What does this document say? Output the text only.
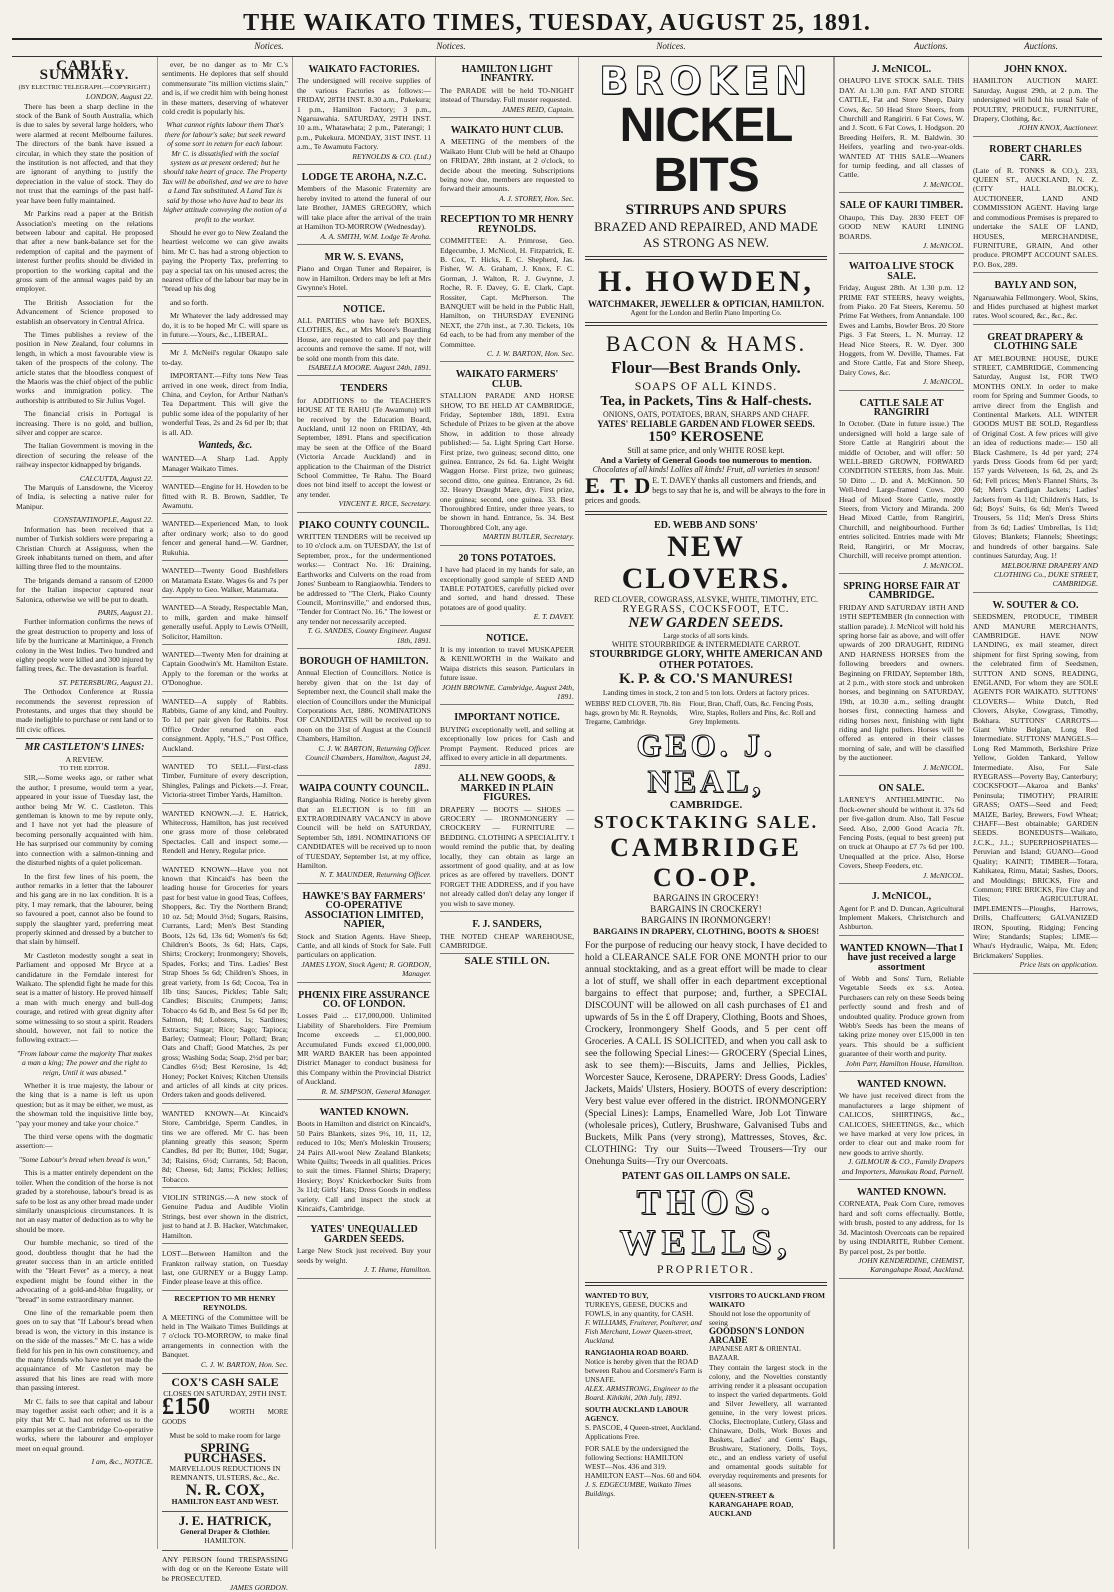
THE WAIKATO TIMES, TUESDAY, AUGUST 25, 1891.
Notices.	Notices.	Notices.	Auctions.	Auctions.
CABLE SUMMARY.
(BY ELECTRIC TELEGRAPH.—COPYRIGHT.)
LONDON, August 22.

There has been a sharp decline in the stock of the Bank of South Australia, which is due to sales by several large holders, who were alarmed at recent Melbourne failures. The directors of the bank have issued a circular, in which they state the position of the institution is not affected, and that they are ignorant of anything to justify the depreciation in the value of stock. They do not trust that the earnings of the past half-year have been fully maintained.

Mr Parkins read a paper at the British Association's meeting on the relations between labour and capital. He proposed that after a new bank-balance set for the redemption of capital and the payment of interest further profits should be divided in proportion to the working capital and the gross sum of the annual wages paid by an employer.

The British Association for the Advancement of Science proposed to establish an observatory in Central Africa.

The Times publishes a review of the position in New Zealand, four columns in length, in which a most favourable view is taken of the prospects of the colony. The article states that the bloodless conquest of the Maoris was the chief object of the public works and immigration policy. The authorship is attributed to Sir Julius Vogel.

The financial crisis in Portugal is increasing. There is no gold, and bullion, silver and copper are scarce.

The Italian Government is moving in the direction of securing the release of the railway inspector kidnapped by brigands.

CALCUTTA, August 22.

The Marquis of Lansdowne, the Viceroy of India, is selecting a native ruler for Manipur.

CONSTANTINOPLE, August 22.

Information has been received that a number of Turkish soldiers were preparing a Christian Church at Assiguuss, when the Greek inhabitants turned on them, and after killing three fled to the mountains.

The brigands demand a ransom of £2000 for the Italian inspector captured near Salonica, otherwise we will be put to death.

PARIS, August 21.

Further information confirms the news of the great destruction to property and loss of life by the hurricane at Martinique, a French colony in the West Indies. Two hundred and eighty people were killed and 300 injured by falling trees, &c. The devastation is fearful.

ST. PETERSBURG, August 21.

The Orthodox Conference at Russia recommends the severest repression of Protestants, and urges that they should be made ineligible to purchase or rent land or to fill civic offices.

MR CASTLETON'S LINES:
A REVIEW.
TO THE EDITOR.

SIR,—Some weeks ago, or rather what the author, I presume, would term a year, appeared in your issue of Tuesday last, the author being Mr W. C. Castleton. This gentleman is known to me by repute only, and I have not yet had the pleasure of becoming personally acquainted with him. He has surprised our community by coming into connection with a salmon-tinning and the disturbed nights of a quiet policeman.

In the first few lines of his poem, the author remarks in a letter that the labourer and his gang are in no lax condition. It is a pity, I may remark, that the labourer, being so favoured a poet, cannot also be found to supply the slaughter yard, preferring meat properly skinned and dressed by a butcher to that slain by himself.

Mr Castleton modestly sought a seat in Parliament and opposed Mr Bryce at a candidature in the Ferndale interest for Waikato. The splendid fight he made for this seat is a matter of history. He proved himself a man with much energy and bull-dog courage, and retired with great dignity after some witnessing to so stout a spirit. Readers should, however, not fail to notice the following extract:—

"From labour came the majority That makes a man a king; The power and the right to reign, Until it was abused."

Whether it is true majesty, the labour or the king that is a name is left us upon question; but as it may be either, we must, as the showman told the inquisitive little boy, "pay your money and take your choice."

The third verse opens with the dogmatic assertion:—

"Some Labour's bread when bread is won,"

This is a matter entirely dependent on the toiler. When the condition of the horse is not graded by a storehouse, labour's bread is as safe to be lost as any other bread made under similarly unauspicious circumstances. It is not an easy matter of deduction as to why he should be more.

Our humble mechanic, so tired of the good, doubtless thought that he had the greater success than in an article entitled with the "Heart Fever" as a mercy, a neat expedient might be found either in the advocating of a gold-and-blue frugality, or "bread" in some extraordinary manner.

One line of the remarkable poem then goes on to say that "If Labour's bread when bread is won, the victory in this instance is on the side of the masses." Mr C. has a wide field for his pen in his own constituency, and the many friends who have not yet made the acquaintance of Mr Castleton may be assured that his lines are read with more than passing interest.

Mr C. fails to see that capital and labour may together assist each other; and it is a pity that Mr C. had not referred us to the examples set at the Cambridge Co-operative works, where the labourer and employer meet on equal ground.

I am, &c., NOTICE.

ever, be no danger as to Mr C.'s sentiments. He deplores that self should commensurate "its million victims slain," and is, if we credit him with being honest in these matters, deserving of whatever cold credit is popularly his.

What cannot rights labour them That's there for labour's sake; but seek reward of some sort in return for each labour. Mr C. is dissatisfied with the social system as at present ordered; but he should take heart of grace. The Property Tax will be abolished, and we are to have a Land Tax substituted. A Land Tax is said by those who have had to bear its higher attitude conveying the notion of a profit to the worker.

Should he ever go to New Zealand the heartiest welcome we can give awaits him. Mr C. has had a strong objection to paying the Property Tax, preferring to pay a special tax on his unused acres; the nearest office of the labour bar may be in "bread up his dog

and so forth.

Mr Whatever the lady addressed may do, it is to be hoped Mr C. will spare us in future.—Yours, &c., LIBERAL.

Mr J. McNeil's regular Okaupo sale to-day.

IMPORTANT.—Fifty tons New Teas arrived in one week, direct from India, China, and Ceylon, for Arthur Nathan's Tea Department. This will give the public some idea of the popularity of her wonderful Teas, 2s and 2s 6d per lb; that is all. AD.

Wanteds, &c.
WANTED—A Sharp Lad. Apply Manager Waikato Times.
WANTED—Engine for H. Howden to be fitted with R. B. Brown, Saddler, Te Awamutu.
WANTED—Experienced Man, to look after ordinary work; also to do good fencer and general hand.—W. Gardner, Rukuhia.
WANTED—Twenty Good Bushfellers on Matamata Estate. Wages 6s and 7s per day. Apply to Geo. Walker, Matamata.
WANTED—A Steady, Respectable Man, to milk, garden and make himself generally useful. Apply to Lewis O'Neill, Solicitor, Hamilton.
WANTED—Twenty Men for draining at Captain Goodwin's Mt. Hamilton Estate. Apply to the foreman or the works at O'Donoghue.
WANTED—A supply of Rabbits. Rabbits, Game of any kind, and Poultry. To 1d per pair given for Rabbits. Post Office Order returned on each consignment. Apply, "H.S.," Post Office, Auckland.
WANTED TO SELL—First-class Timber, Furniture of every description, Shingles, Palings and Pickets.—J. Frear, Victoria-street Timber Yards, Hamilton.
WANTED KNOWN.—J. E. Hatrick, Whitecross, Hamilton, has just received one grass more of those celebrated Spectacles. Call and inspect some.—Rendell and Henry, Regular price.
WANTED KNOWN—Have you not known that Kincaid's has been the leading house for Groceries for years past for best value in good Teas, Coffees, Shoppers, &c. Try the Northern Brand; 10 oz. 5d; Mould 3½d; Sugars, Raisins, Currants, Lard; Men's Best Standing Boots, 12s 6d, 13s 6d; Women's 6s 6d; Children's Boots, 3s 6d; Hats, Caps, Shirts; Crockery; Ironmongery; Shovels, Spades, Forks; and Tins. Ladies' Best Strap Shoes 5s 6d; Children's Shoes, in great variety, from 1s 6d; Cocoa, Tea in 1lb tins; Sauces, Pickles; Table Salt; Candles; Biscuits; Crumpets; Jams; Tobacco 4s 6d lb, and Best 5s 6d per lb; Salmon, 8d; Lobsters, 1s; Sardines; Extracts; Sugar; Rice; Sago; Tapioca; Barley; Oatmeal; Flour; Pollard; Bran; Oats and Chaff; Good Matches, 2s per gross; Washing Soda; Soap, 2½d per bar; Candles 6½d; Best Kerosine, 1s 4d; Honey; Pocket Knives; Kitchen Utensils and articles of all kinds at city prices. Orders taken and goods delivered.
WANTED KNOWN—At Kincaid's Store, Cambridge, Sperm Candles, in tins we are offered. Mr C. has been planning greatly this season; Sperm Candles, 8d per lb; Butter, 10d; Sugar, 3d; Raisins, 6½d; Currants, 5d; Bacon, 8d; Cheese, 6d; Jams; Pickles; Jellies; Tobacco.
VIOLIN STRINGS.—A new stock of Genuine Padua and Audible Violin Strings, best ever shown in the district, just to hand at J. B. Hacker, Watchmaker, Hamilton.
LOST—Between Hamilton and the Frankton railway station, on Tuesday last, one GURNEY or a Buggy Lamp. Finder please leave at this office.
RECEPTION TO MR HENRY REYNOLDS.
A MEETING of the Committee will be held in The Waikato Times Buildings at 7 o'clock TO-MORROW, to make final arrangements in connection with the Banquet.
C. J. W. BARTON, Hon. Sec.
COX'S CASH SALE
CLOSES ON SATURDAY, 29TH INST.
£150	WORTH MORE GOODS
Must be sold to make room for large
SPRING PURCHASES.
MARVELLOUS REDUCTIONS IN REMNANTS, ULSTERS, &c., &c.
N. R. COX,
HAMILTON EAST AND WEST.
J. E. HATRICK,
General Draper & Clothier.
HAMILTON.
ANY PERSON found TRESPASSING with dog or on the Kereone Estate will be PROSECUTED.
JAMES GORDON.
WAIKATO FACTORIES.
The undersigned will receive supplies of the various Factories as follows:— FRIDAY, 28TH INST. 8.30 a.m., Pukekura; 1 p.m., Hamilton Factory; 3 p.m., Ngaruawahia. SATURDAY, 29TH INST. 10 a.m., Whatawhata; 2 p.m., Paterangi; 1 p.m., Pukekura. MONDAY, 31ST INST. 11 a.m., Te Awamutu Factory.
REYNOLDS & CO. (Ltd.)
LODGE TE AROHA, N.Z.C.
Members of the Masonic Fraternity are hereby invited to attend the funeral of our late Brother, JAMES GREGORY, which will take place after the arrival of the train at Hamilton TO-MORROW (Wednesday).
A. A. SMITH, W.M. Lodge Te Aroha.
MR W. S. EVANS,
Piano and Organ Tuner and Repairer, is now in Hamilton. Orders may be left at Mrs Gwynne's Hotel.
NOTICE.
ALL PARTIES who have left BOXES, CLOTHES, &c., at Mrs Moore's Boarding House, are requested to call and pay their accounts and remove the same. If not, will be sold one month from this date.
ISABELLA MOORE. August 24th, 1891.
TENDERS
for ADDITIONS to the TEACHER'S HOUSE AT TE RAHU (Te Awamutu) will be received by the Education Board, Auckland, until 12 noon on FRIDAY, 4th September, 1891. Plans and specification may be seen at the Office of the Board (Victoria Arcade Auckland) and in application to the Chairman of the District School Committee, Te Rahu. The Board does not bind itself to accept the lowest or any tender.
VINCENT E. RICE, Secretary.
PIAKO COUNTY COUNCIL.
WRITTEN TENDERS will be received up to 10 o'clock a.m. on TUESDAY, the 1st of September, prox., for the undermentioned works:— Contract No. 16: Draining, Earthworks and Culverts on the road from Jones' Sunbeam to Rangiaowhia. Tenders to be addressed to "The Clerk, Piako County Council, Morrinsville," and endorsed thus, "Tender for Contract No. 16." The lowest or any tender not necessarily accepted.
T. G. SANDES, County Engineer. August 18th, 1891.
BOROUGH OF HAMILTON.
Annual Election of Councillors. Notice is hereby given that on the 1st day of September next, the Council shall make the election of Councillors under the Municipal Corporations Act, 1886. NOMINATIONS OF CANDIDATES will be received up to noon on the 31st of August at the Council Chambers, Hamilton.
C. J. W. BARTON, Returning Officer. Council Chambers, Hamilton, August 24, 1891.
WAIPA COUNTY COUNCIL.
Rangiaohia Riding. Notice is hereby given that an ELECTION is to fill an EXTRAORDINARY VACANCY in above Council will be held on SATURDAY, September 5th, 1891. NOMINATIONS OF CANDIDATES will be received up to noon of TUESDAY, September 1st, at my office, Hamilton.
N. T. MAUNDER, Returning Officer.
HAWKE'S BAY FARMERS' CO-OPERATIVE ASSOCIATION LIMITED, NAPIER,
Stock and Station Agents. Have Sheep, Cattle, and all kinds of Stock for Sale. Full particulars on application.
JAMES LYON, Stock Agent; R. GORDON, Manager.
PHŒNIX FIRE ASSURANCE CO. OF LONDON.
Losses Paid ... £17,000,000. Unlimited Liability of Shareholders. Fire Premium Income exceeds ... £1,000,000. Accumulated Funds exceed £1,000,000. MR WARD BAKER has been appointed District Manager to conduct business for this Company within the Provincial District of Auckland.
R. M. SIMPSON, General Manager.
WANTED KNOWN.
Boots in Hamilton and district on Kincaid's, 50 Pairs Blankets, sizes 9½, 10, 11, 12, reduced to 10s; Men's Moleskin Trousers; 24 Pairs All-wool New Zealand Blankets; White Quilts; Tweeds in all qualities. Prices to suit the times. Flannel Shirts; Drapery; Hosiery; Boys' Knickerbocker Suits from 3s 11d; Girls' Hats; Dress Goods in endless variety. Call and inspect the stock at Kincaid's, Cambridge.
YATES' UNEQUALLED GARDEN SEEDS.
Large New Stock just received. Buy your seeds by weight.
J. T. Hume, Hamilton.
HAMILTON LIGHT INFANTRY.
The PARADE will be held TO-NIGHT instead of Thursday. Full muster requested.
JAMES REID, Captain.
WAIKATO HUNT CLUB.
A MEETING of the members of the Waikato Hunt Club will be held at Ohaupo on FRIDAY, 28th instant, at 2 o'clock, to decide about the meeting. Subscriptions being now due, members are requested to forward their amounts.
A. J. STOREY, Hon. Sec.
RECEPTION TO MR HENRY REYNOLDS.
COMMITTEE: A. Primrose, Geo. Edgecumbe, J. McNicol, H. Fitzpatrick, E. B. Cox, T. Hicks, E. C. Shepherd, Jas. Fisher, W. A. Graham, J. Knox, F. C. Gorman, J. Walton, R. J. Gwynne, J. Roche, R. F. Davey, G. E. Clark, Capt. Rossiter, Capt. McPherson. The BANQUET will be held in the Public Hall, Hamilton, on THURSDAY EVENING NEXT, the 27th inst., at 7.30. Tickets, 10s 6d each, to be had from any member of the Committee.
C. J. W. BARTON, Hon. Sec.
WAIKATO FARMERS' CLUB.
STALLION PARADE AND HORSE SHOW, TO BE HELD AT CAMBRIDGE, Friday, September 18th, 1891. Extra Schedule of Prizes to be given at the above Show, in addition to those already published:— 5a. Light Spring Cart Horse. First prize, two guineas; second ditto, one guinea. Entrance, 2s 6d. 6a. Light Weight Waggon Horse. First prize, two guineas; second ditto, one guinea. Entrance, 2s 6d. 32. Heavy Draught Mare, dry. First prize, one guinea; second, one guinea. 33. Best Thoroughbred Entire, under three years, to be shown in hand. Entrance, 5s. 34. Best Thoroughbred Colt, any age.
MARTIN BUTLER, Secretary.
20 TONS POTATOES.
I have had placed in my hands for sale, an exceptionally good sample of SEED AND TABLE POTATOES, carefully picked over and sorted, and hand dressed. These potatoes are of good quality.
E. T. DAVEY.
NOTICE.
It is my intention to travel MUSKAPEER & KENILWORTH in the Waikato and Waipa districts this season. Particulars in future issue.
JOHN BROWNE. Cambridge, August 24th, 1891.
IMPORTANT NOTICE.
BUYING exceptionally well, and selling at exceptionally low prices for Cash and Prompt Payment. Reduced prices are affixed to every article in all departments.
ALL NEW GOODS, & MARKED IN PLAIN FIGURES.
DRAPERY — BOOTS — SHOES — GROCERY — IRONMONGERY — CROCKERY — FURNITURE — BEDDING. CLOTHING A SPECIALITY. I would remind the public that, by dealing locally, they can obtain as large an assortment of good quality, and at as low prices as are offered by travellers. DON'T FORGET THE ADDRESS, and if you have not already called don't delay any longer if you wish to save money.
F. J. SANDERS,
THE NOTED CHEAP WAREHOUSE, CAMBRIDGE.
SALE STILL ON.
BROKEN
NICKEL BITS
STIRRUPS AND SPURS
BRAZED AND REPAIRED, AND MADE AS STRONG AS NEW.
H. HOWDEN,
WATCHMAKER, JEWELLER & OPTICIAN, HAMILTON.
Agent for the London and Berlin Piano Importing Co.
BACON & HAMS.
Flour—Best Brands Only.
SOAPS OF ALL KINDS.
Tea, in Packets, Tins & Half-chests.
ONIONS, OATS, POTATOES, BRAN, SHARPS AND CHAFF.
YATES' RELIABLE GARDEN AND FLOWER SEEDS.
150° KEROSENE
Still at same price, and only WHITE ROSE kept.
And a Variety of General Goods too numerous to mention.
Chocolates of all kinds! Lollies all kinds! Fruit, all varieties in season!
E. T. D E. T. DAVEY thanks all customers and friends, and begs to say that he is, and will be always to the fore in prices and goods.
ED. WEBB AND SONS'
NEW CLOVERS.
RED CLOVER, COWGRASS, ALSYKE, WHITE, TIMOTHY, ETC.
RYEGRASS, COCKSFOOT, ETC.
NEW GARDEN SEEDS.
Large stocks of all sorts kinds.
WHITE STOURBRIDGE & INTERMEDIATE CARROT.
STOURBRIDGE GLORY, WHITE AMERICAN AND OTHER POTATOES.
K. P. & CO.'S MANURES!
Landing times in stock, 2 ton and 5 ton lots. Orders at factory prices.
WEBBS' RED CLOVER, 7lb. 8in bags, grown by Mr. R. Reynolds, Tregarne, Cambridge.
Flour, Bran, Chaff, Oats, &c. Fencing Posts, Wire, Staples, Rollers and Pins, &c. Roll and Grey Implements.
GEO. J. NEAL,
CAMBRIDGE.
STOCKTAKING SALE.
CAMBRIDGE CO-OP.
BARGAINS IN GROCERY!
BARGAINS IN CROCKERY!
BARGAINS IN IRONMONGERY!
BARGAINS IN DRAPERY, CLOTHING, BOOTS & SHOES!
For the purpose of reducing our heavy stock, I have decided to hold a CLEARANCE SALE FOR ONE MONTH prior to our annual stocktaking, and as a great effort will be made to clear a lot of stuff, we shall offer in each department exceptional bargains to effect that purpose; and, further, a SPECIAL DISCOUNT will be allowed on all cash purchases of £1 and upwards of 5s in the £ off Drapery, Clothing, Boots and Shoes, Crockery, Ironmongery Shelf Goods, and 5 per cent off Groceries. A CALL IS SOLICITED, and when you call ask to see the following Special Lines:— GROCERY (Special Lines, ask to see them):—Biscuits, Jams and Jellies, Pickles, Worcester Sauce, Kerosene, DRAPERY: Dress Goods, Ladies' Jackets, Maids' Ulsters, Hosiery. BOOTS of every description: Very best value ever offered in the district. IRONMONGERY (Special Lines): Lamps, Enamelled Ware, Job Lot Tinware (wholesale prices), Cutlery, Brushware, Galvanised Tubs and Buckets, Milk Pans (very strong), Mattresses, Stoves, &c. CLOTHING: Try our Suits—Tweed Trousers—Try our Onehunga Suits—Try our Overcoats.
PATENT GAS OIL LAMPS ON SALE.
THOS. WELLS,
PROPRIETOR.
WANTED TO BUY,
TURKEYS, GEESE, DUCKS and FOWLS, in any quantity, for CASH.
F. WILLIAMS, Fruiterer, Poulterer, and Fish Merchant, Lower Queen-street, Auckland.
RANGIAOHIA ROAD BOARD.
Notice is hereby given that the ROAD between Rahou and Corsmere's Farm is UNSAFE.
ALEX. ARMSTRONG, Engineer to the Board. Kihikihi, 20th July, 1891.
SOUTH AUCKLAND LABOUR AGENCY.
S. PASCOE, 4 Queen-street, Auckland. Applications Free.
FOR SALE by the undersigned the following Sections: HAMILTON WEST—Nos. 436 and 319. HAMILTON EAST—Nos. 60 and 604.
J. S. EDGECUMBE, Waikato Times Buildings.
VISITORS TO AUCKLAND FROM WAIKATO
Should not lose the opportunity of seeing
GOODSON'S LONDON ARCADE
JAPANESE ART & ORIENTAL BAZAAR.
They contain the largest stock in the colony, and the Novelties constantly arriving render it a pleasant occupation to inspect the varied departments. Gold and Silver Jewellery, all warranted genuine, in the very lowest prices. Clocks, Electroplate, Cutlery, Glass and Chinaware, Dolls, Work Boxes and Baskets, Ladies' and Gents' Bags, Brushware, Stationery, Dolls, Toys, etc., and an endless variety of useful and ornamental goods suitable for everyday requirements and presents for all seasons.
QUEEN-STREET & KARANGAHAPE ROAD, AUCKLAND
J. McNICOL.
OHAUPO LIVE STOCK SALE. THIS DAY. At 1.30 p.m. FAT AND STORE CATTLE, Fat and Store Sheep, Dairy Cows, &c. 50 Head Store Steers, from Churchill and Rangiriri. 6 Fat Cows, W. and J. Scott. 6 Fat Cows, I. Hodgson. 20 Breeding Heifers, R. M. Baldwin. 30 Heifers, yearling and two-year-olds. WANTED AT THIS SALE—Weaners for turnip feeding, and all classes of Cattle.
J. McNICOL.
SALE OF KAURI TIMBER.
Ohaupo, This Day. 2830 FEET OF GOOD NEW KAURI LINING BOARDS.
J. McNICOL.
WAITOA LIVE STOCK SALE.
Friday, August 28th. At 1.30 p.m. 12 PRIME FAT STEERS, heavy weights, from Piako. 20 Fat Steers, Keremu. 50 Prime Fat Wethers, from Annandale. 100 Ewes and Lambs, Bowler Bros. 20 Store Pigs. 3 Fat Steers, L. N. Murray. 12 Head Nice Steers, R. W. Dyer. 300 Hoggets, from W. Deville, Thames. Fat and Store Cattle, Fat and Store Sheep, Dairy Cows, &c.
J. McNICOL.
CATTLE SALE AT RANGIRIRI
In October. (Date in future issue.) The undersigned will hold a large sale of Store Cattle at Rangiriri about the middle of October, and will offer: 50 WELL-BRED GROWN, FORWARD CONDITION STEERS, from Jas. Muir. 50 Ditto ... D. and A. McKinnon. 50 Well-bred Large-framed Cows. 200 Head of Mixed Store Cattle, mostly Steers, from Victory and Miranda. 200 Head Mixed Cattle, from Rangiriri, Churchill, and neighbourhood. Further entries solicited. Entries made with Mr Reid, Rangiriri, or Mr Mocrav, Churchill, will receive prompt attention.
J. McNICOL.
SPRING HORSE FAIR AT CAMBRIDGE.
FRIDAY AND SATURDAY 18TH AND 19TH SEPTEMBER (In connection with stallion parade). J. McNicol will hold his spring horse fair as above, and will offer upwards of 200 DRAUGHT, RIDING AND HARNESS HORSES from the following breeders and owners. Beginning on FRIDAY, September 18th, at 2 p.m., with store stock and unbroken horses, and beginning on SATURDAY, 19th, at 10.30 a.m., selling draught horses first, connecting harness and riding horses next, finishing with light riding and light pullers. Horses will be offered as entered in their classes morning of sale, and will be classified by the auctioneer.
J. McNICOL.
ON SALE.
LARNEY'S ANTHELMINTIC. No flock-owner should be without it. 37s 6d per five-gallon drum. Also, Tall Fescue Seed. Also, 2,000 Good Acacia 7ft. Fencing Posts, (equal to best green) put on truck at Ohaupo at £7 7s 6d per 100. Unequalled at the price. Also, Horse Covers, Sheep Feeders, etc.
J. McNICOL.
J. McNICOL,
Agent for P. and D. Duncan, Agricultural Implement Makers, Christchurch and Ashburton.
WANTED KNOWN—That I have just received a large assortment
of Webb and Sons' Turn, Reliable Vegetable Seeds ex s.s. Aotea. Purchasers can rely on these Seeds being perfectly sound and fresh and of undoubted quality. Produce grown from Webb's Seeds has been the means of taking prize money over £15,000 in ten years. This should be a sufficient guarantee of their worth and purity.
John Parr, Hamilton House, Hamilton.
WANTED KNOWN.
We have just received direct from the manufacturers a large shipment of CALICOS, SHIRTINGS, &c., CALICOES, SHEETINGS, &c., which we have marked at very low prices, in order to clear out and make room for new goods to arrive shortly.
J. GILMOUR & CO., Family Drapers and Importers, Manukau Road, Parnell.
WANTED KNOWN.
CORNEATA, Peak Corn Cure, removes hard and soft corns effectually. Bottle, with brush, posted to any address, for 1s 3d. Macintosh Overcoats can be repaired by using INDIARITE, Rubber Cement. By parcel post, 2s per bottle.
JOHN KENDERDINE, CHEMIST, Karangahape Road, Auckland.
JOHN KNOX.
HAMILTON AUCTION MART. Saturday, August 29th, at 2 p.m. The undersigned will hold his usual Sale of POULTRY, PRODUCE, FURNITURE, Drapery, Clothing, &c.
JOHN KNOX, Auctioneer.
ROBERT CHARLES CARR.
(Late of R. TONKS & CO.), 233, QUEEN ST., AUCKLAND, N. Z. (CITY HALL BLOCK), AUCTIONEER, LAND AND COMMISSION AGENT. Having large and commodious Premises is prepared to undertake the SALE OF LAND, HOUSES, MERCHANDISE, FURNITURE, GRAIN, And other produce. PROMPT ACCOUNT SALES. P.O. Box, 289.
BAYLY AND SON,
Ngaruawahia Fellmongery. Wool, Skins, and Hides purchased at highest market rates. Wool scoured, &c., &c., &c.
GREAT DRAPERY & CLOTHING SALE
AT MELBOURNE HOUSE, DUKE STREET, CAMBRIDGE, Commencing Saturday, August 1st, FOR TWO MONTHS ONLY. In order to make room for Spring and Summer Goods, to arrive direct from the English and Continental Markets. ALL WINTER GOODS MUST BE SOLD, Regardless of Original Cost. A few prices will give an idea of reductions made:— 150 all Black Cashmere, 1s 4d per yard; 274 yards Dress Goods from 6d per yard; 157 yards Velveteen, 1s 6d, 2s, and 2s 6d; Fell prices; Men's Flannel Shirts, 3s 6d; Men's Cardigan Jackets; Ladies' Jackets from 4s 11d; Children's Hats, 1s 6d; Boys' Suits, 6s 6d; Men's Tweed Trousers, 5s 11d; Men's Dress Shirts from 3s 6d; Ladies' Umbrellas, 1s 11d; Gloves; Blankets; Flannels; Sheetings; and hundreds of other bargains. Sale continues Saturday, Aug. 1!
MELBOURNE DRAPERY AND CLOTHING Co., DUKE STREET, CAMBRIDGE.
W. SOUTER & CO.
SEEDSMEN, PRODUCE, TIMBER AND MANURE MERCHANTS, CAMBRIDGE. HAVE NOW LANDING, ex mail steamer, direct shipment for first Spring sowing, from the celebrated firm of Seedsmen, SUTTON AND SONS, READING, ENGLAND, For whom they are SOLE AGENTS FOR WAIKATO. SUTTONS' CLOVERS— White Dutch, Red Clovers, Alsyke, Cowgrass, Timothy, Bokhara. SUTTONS' CARROTS— Giant White Belgian, Long Red Intermediate. SUTTONS' MANGELS— Long Red Mammoth, Berkshire Prize Yellow, Golden Tankard, Yellow Intermediate. Also, For Sale RYEGRASS—Poverty Bay, Canterbury; COCKSFOOT—Akaroa and Banks' Peninsula; TIMOTHY; PRAIRIE GRASS; OATS—Seed and Feed; MAIZE, Barley, Brewers, Fowl Wheat; CHAFF—Best obtainable; GARDEN SEEDS. BONEDUSTS—Waikato, J.C.K., J.L.; SUPERPHOSPHATES—Peruvian and Island; GUANO—Good Quality; KAINIT; TIMBER—Totara, Kahikatea, Rimu, Matai; Sashes, Doors, and Mouldings; BRICKS, Fire and Common; FIRE BRICKS, Fire Clay and Tiles; AGRICULTURAL IMPLEMENTS—Ploughs, Harrows, Drills, Chaffcutters; GALVANIZED IRON, Spouting, Ridging; Fencing Wire; Standards; Staples; LIME—Whau's Hydraulic, Waipa, Mt. Eden; Brickmakers' Supplies.
Price lists on application.
